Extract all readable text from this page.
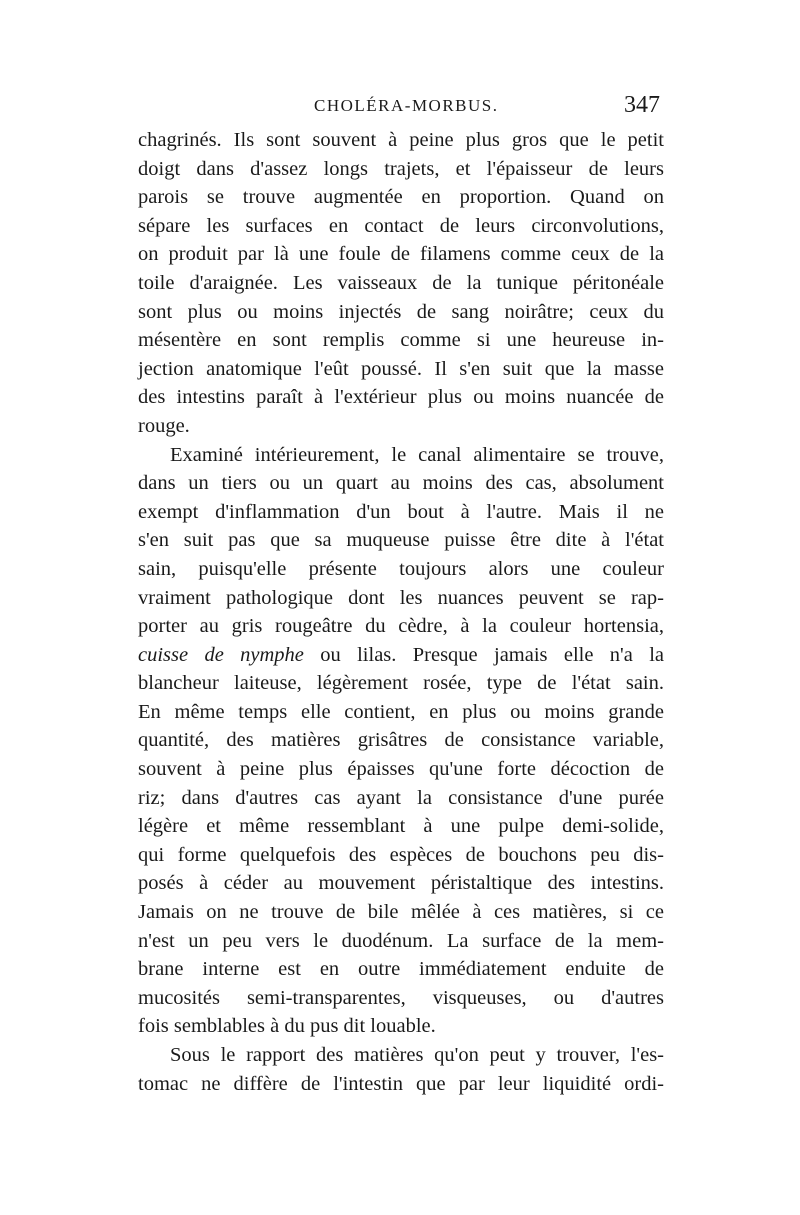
CHOLÉRA-MORBUS.	347
chagrinés. Ils sont souvent à peine plus gros que le petit
doigt dans d'assez longs trajets, et l'épaisseur de leurs
parois se trouve augmentée en proportion. Quand on
sépare les surfaces en contact de leurs circonvolutions,
on produit par là une foule de filamens comme ceux de la
toile d'araignée. Les vaisseaux de la tunique péritonéale
sont plus ou moins injectés de sang noirâtre; ceux du
mésentère en sont remplis comme si une heureuse in-
jection anatomique l'eût poussé. Il s'en suit que la masse
des intestins paraît à l'extérieur plus ou moins nuancée de
rouge.
Examiné intérieurement, le canal alimentaire se trouve,
dans un tiers ou un quart au moins des cas, absolument
exempt d'inflammation d'un bout à l'autre. Mais il ne
s'en suit pas que sa muqueuse puisse être dite à l'état
sain, puisqu'elle présente toujours alors une couleur
vraiment pathologique dont les nuances peuvent se rap-
porter au gris rougeâtre du cèdre, à la couleur hortensia,
cuisse de nymphe ou lilas. Presque jamais elle n'a la
blancheur laiteuse, légèrement rosée, type de l'état sain.
En même temps elle contient, en plus ou moins grande
quantité, des matières grisâtres de consistance variable,
souvent à peine plus épaisses qu'une forte décoction de
riz; dans d'autres cas ayant la consistance d'une purée
légère et même ressemblant à une pulpe demi-solide,
qui forme quelquefois des espèces de bouchons peu dis-
posés à céder au mouvement péristaltique des intestins.
Jamais on ne trouve de bile mêlée à ces matières, si ce
n'est un peu vers le duodénum. La surface de la mem-
brane interne est en outre immédiatement enduite de
mucosités semi-transparentes, visqueuses, ou d'autres
fois semblables à du pus dit louable.
Sous le rapport des matières qu'on peut y trouver, l'es-
tomac ne diffère de l'intestin que par leur liquidité ordi-
